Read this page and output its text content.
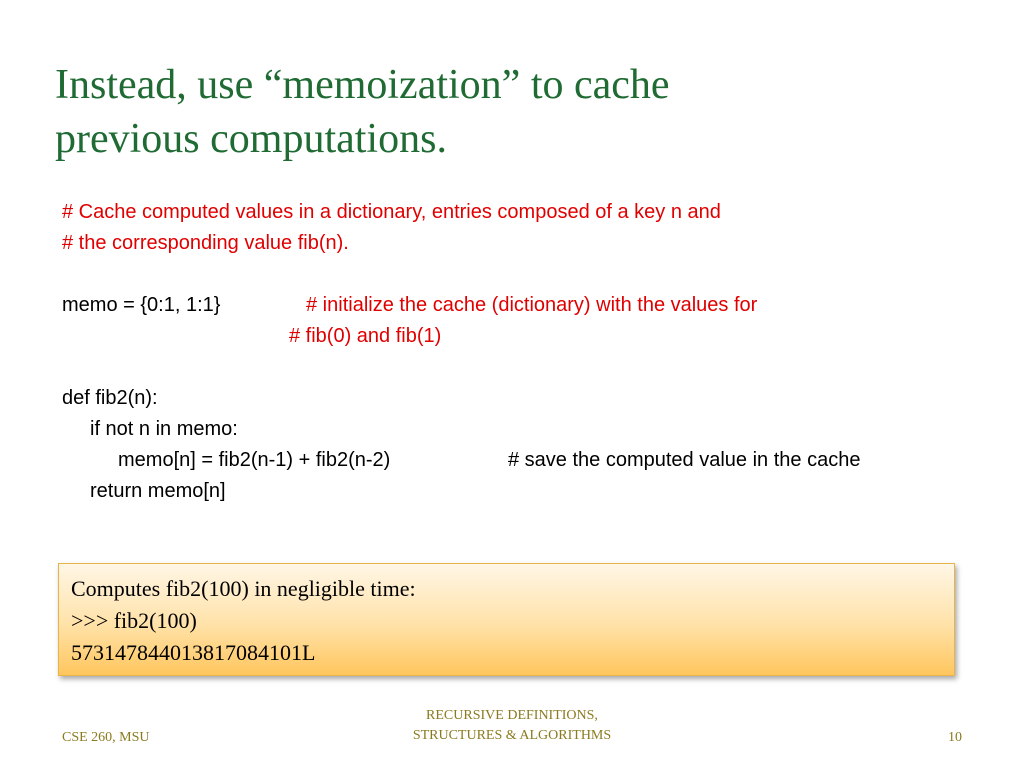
Instead, use “memoization” to cache
previous computations.
# Cache computed values in a dictionary, entries composed of a key n and
# the corresponding value fib(n).
memo = {0:1, 1:1}	# initialize the cache (dictionary) with the values for
# fib(0) and fib(1)
def fib2(n):
if not n in memo:
memo[n] = fib2(n-1) + fib2(n-2)	# save the computed value in the cache
return memo[n]
Computes fib2(100) in negligible time:
>>> fib2(100)
573147844013817084101L
CSE 260, MSU
RECURSIVE DEFINITIONS,
STRUCTURES & ALGORITHMS	10
